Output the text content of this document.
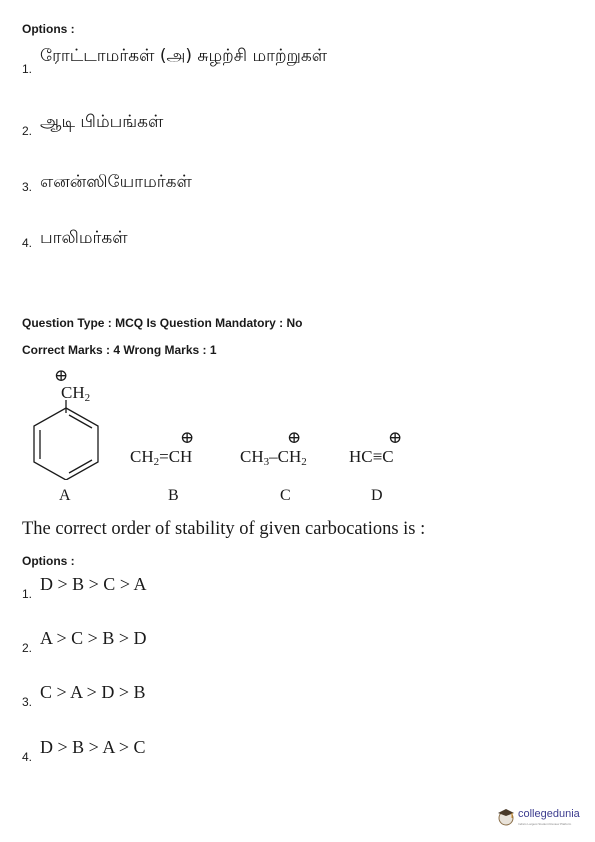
Options :
1.
ரோட்டாமர்கள் (அ) சுழற்சி மாற்றுகள்
2. ஆடி பிம்பங்கள்
3. எனன்ஸியோமர்கள்
4. பாலிமர்கள்
Question Type : MCQ Is Question Mandatory : No
Correct Marks : 4 Wrong Marks : 1
⊕
$CH_2$
A
⊕
$CH_2=CH$
B
⊕
$CH_3-CH_2$
C
⊕
HC≡C
D
The correct order of stability of given carbocations is :
Options :
1. D > B > C > A
2. A > C > B > D
3. C > A > D > B
4. D > B > A > C
collegedunia
India's Largest Student Review Platform
